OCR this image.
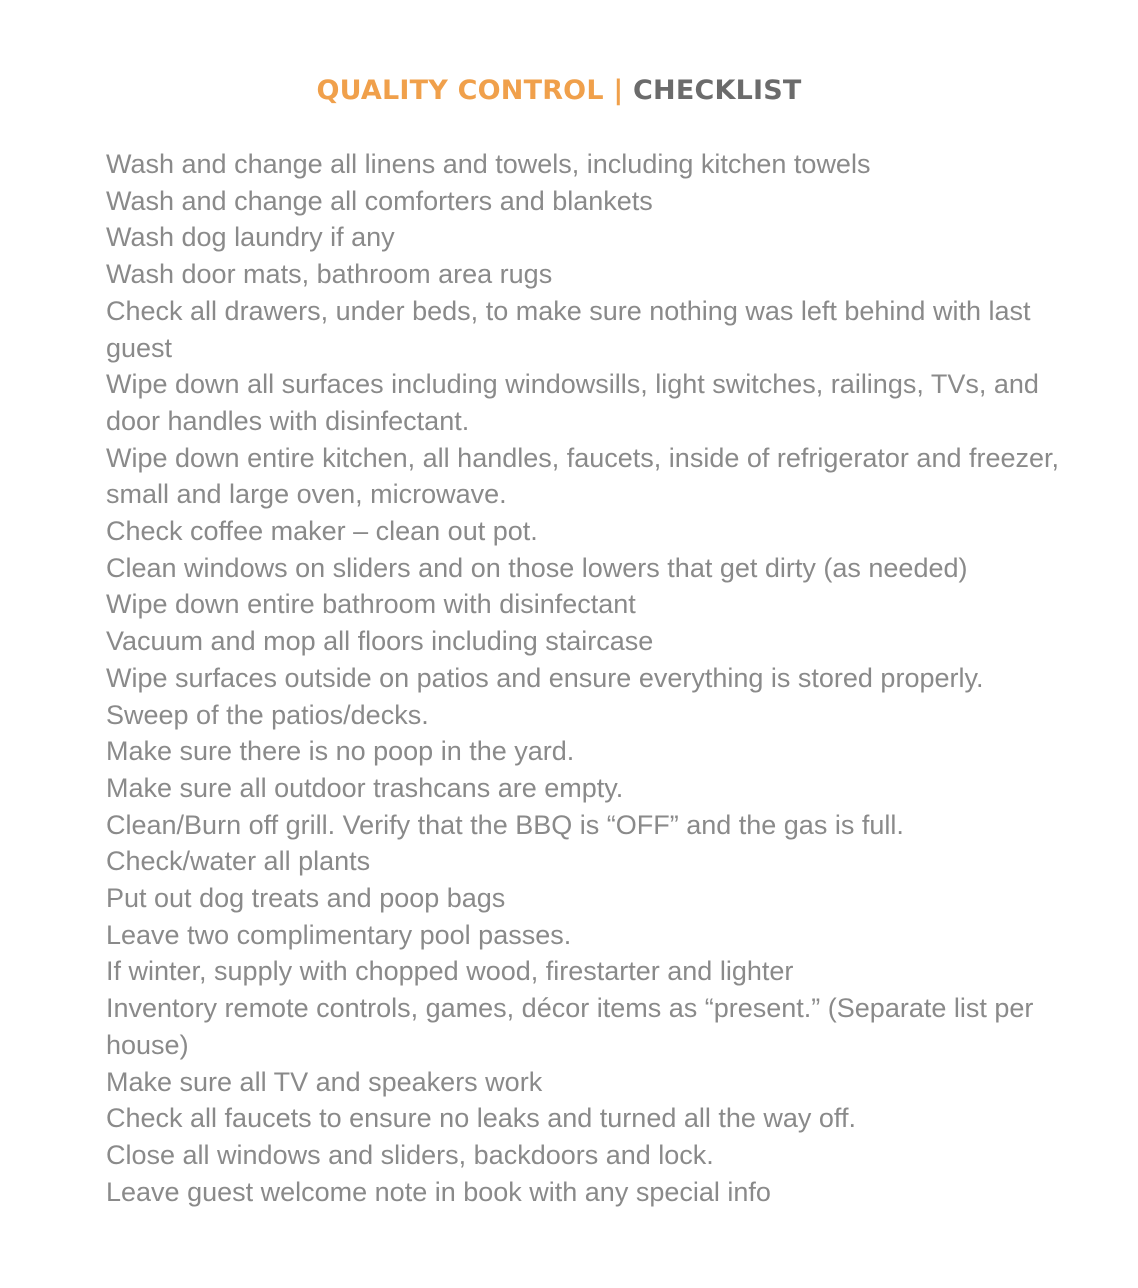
QUALITY CONTROL | CHECKLIST
Wash and change all linens and towels, including kitchen towels
Wash and change all comforters and blankets
Wash dog laundry if any
Wash door mats, bathroom area rugs
Check all drawers, under beds, to make sure nothing was left behind with last guest
Wipe down all surfaces including windowsills, light switches, railings, TVs, and door handles with disinfectant.
Wipe down entire kitchen, all handles, faucets, inside of refrigerator and freezer, small and large oven, microwave.
Check coffee maker – clean out pot.
Clean windows on sliders and on those lowers that get dirty (as needed)
Wipe down entire bathroom with disinfectant
Vacuum and mop all floors including staircase
Wipe surfaces outside on patios and ensure everything is stored properly.
Sweep of the patios/decks.
Make sure there is no poop in the yard.
Make sure all outdoor trashcans are empty.
Clean/Burn off grill. Verify that the BBQ is “OFF” and the gas is full.
Check/water all plants
Put out dog treats and poop bags
Leave two complimentary pool passes.
If winter, supply with chopped wood, firestarter and lighter
Inventory remote controls, games, décor items as “present.” (Separate list per house)
Make sure all TV and speakers work
Check all faucets to ensure no leaks and turned all the way off.
Close all windows and sliders, backdoors and lock.
Leave guest welcome note in book with any special info
